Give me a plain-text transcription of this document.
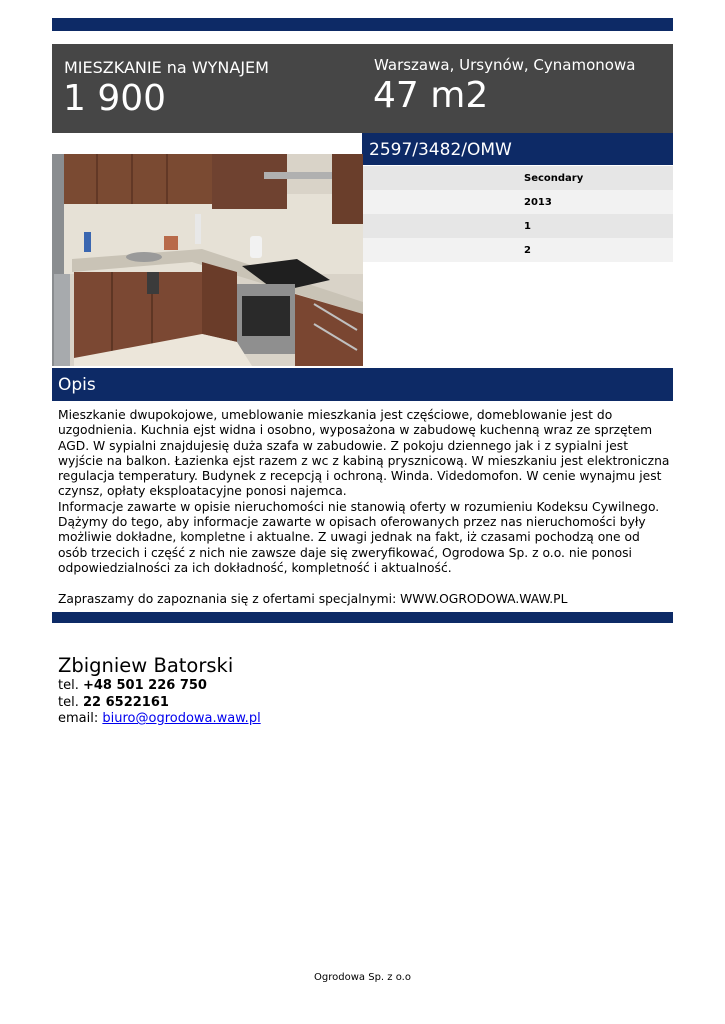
MIESZKANIE na WYNAJEM
1 900
Warszawa, Ursynów, Cynamonowa
47 m2
2597/3482/OMW
Secondary
2013
1
2
Opis
Mieszkanie dwupokojowe, umeblowanie mieszkania jest częściowe, domeblowanie jest do uzgodnienia. Kuchnia ejst widna i osobno, wyposażona w zabudowę kuchenną wraz ze sprzętem AGD. W sypialni znajdujesię duża szafa w zabudowie. Z pokoju dziennego jak i z sypialni jest wyjście na balkon. Łazienka ejst razem z wc z kabiną prysznicową. W mieszkaniu jest elektroniczna regulacja temperatury. Budynek z recepcją i ochroną. Winda. Videdomofon. W cenie wynajmu jest czynsz, opłaty eksploatacyjne ponosi najemca.
Informacje zawarte w opisie nieruchomości nie stanowią oferty w rozumieniu Kodeksu Cywilnego. Dążymy do tego, aby informacje zawarte w opisach oferowanych przez nas nieruchomości były możliwie dokładne, kompletne i aktualne. Z uwagi jednak na fakt, iż czasami pochodzą one od osób trzecich i część z nich nie zawsze daje się zweryfikować, Ogrodowa Sp. z o.o. nie ponosi odpowiedzialności za ich dokładność, kompletność i aktualność.

Zapraszamy do zapoznania się z ofertami specjalnymi: WWW.OGRODOWA.WAW.PL
Zbigniew Batorski
tel. +48 501 226 750
tel. 22 6522161
email: biuro@ogrodowa.waw.pl
Ogrodowa Sp. z o.o
